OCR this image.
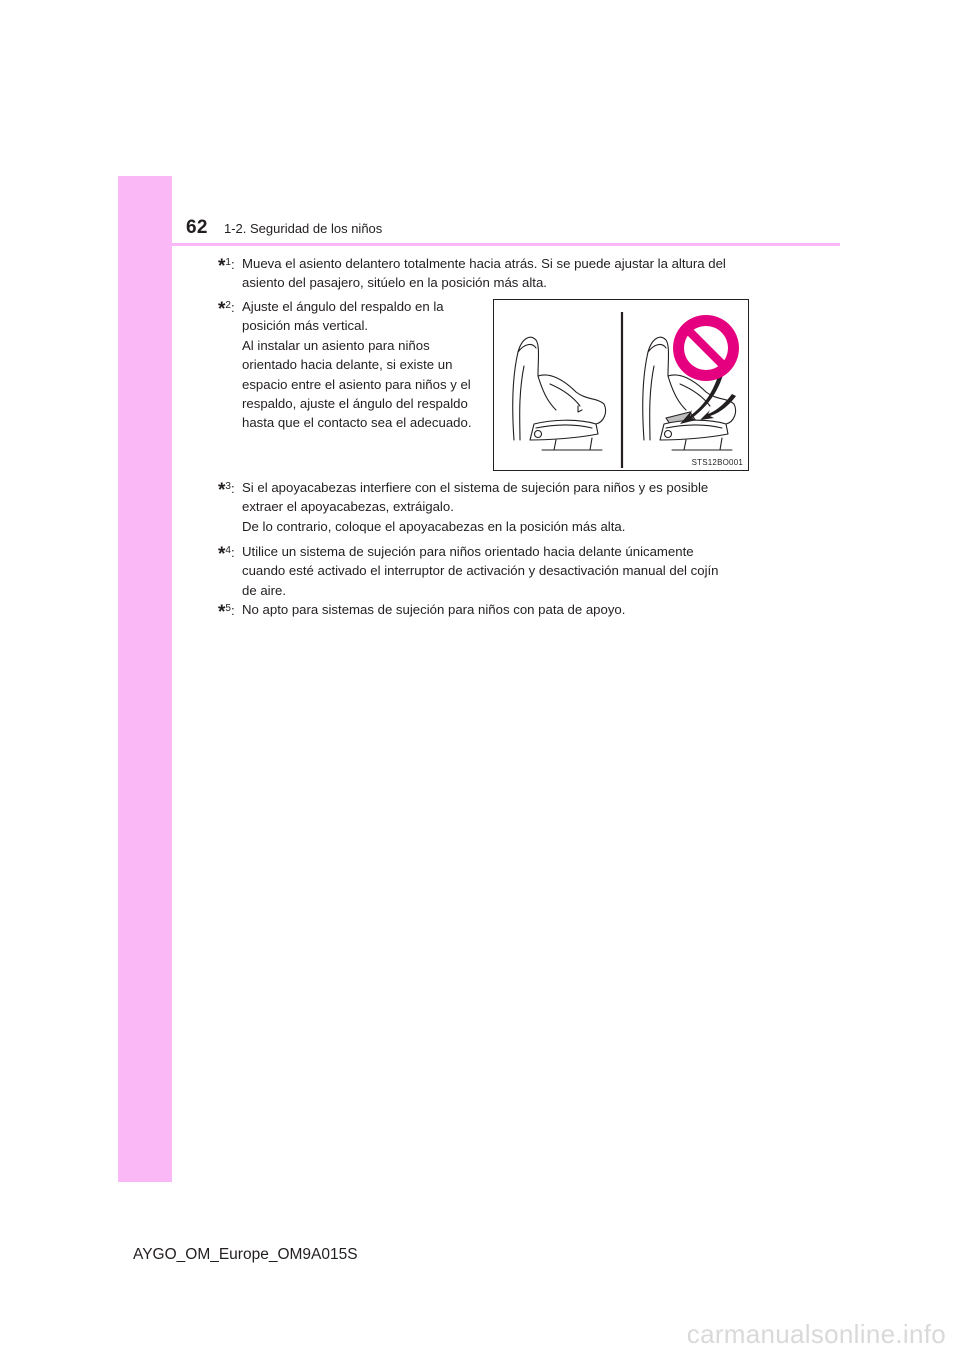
62 1-2. Seguridad de los niños
*$^1$: Mueva el asiento delantero totalmente hacia atrás. Si se puede ajustar la altura del
asiento del pasajero, sitúelo en la posición más alta.
*$^2$: Ajuste el ángulo del respaldo en la
posición más vertical.
Al instalar un asiento para niños
orientado hacia delante, si existe un
espacio entre el asiento para niños y el
respaldo, ajuste el ángulo del respaldo
hasta que el contacto sea el adecuado.
STS12BO001
*$^3$: Si el apoyacabezas interfiere con el sistema de sujeción para niños y es posible
extraer el apoyacabezas, extráigalo.
De lo contrario, coloque el apoyacabezas en la posición más alta.
*$^4$: Utilice un sistema de sujeción para niños orientado hacia delante únicamente
cuando esté activado el interruptor de activación y desactivación manual del cojín
de aire.
*$^5$: No apto para sistemas de sujeción para niños con pata de apoyo.
AYGO_OM_Europe_OM9A015S
carmanualsonline.info
